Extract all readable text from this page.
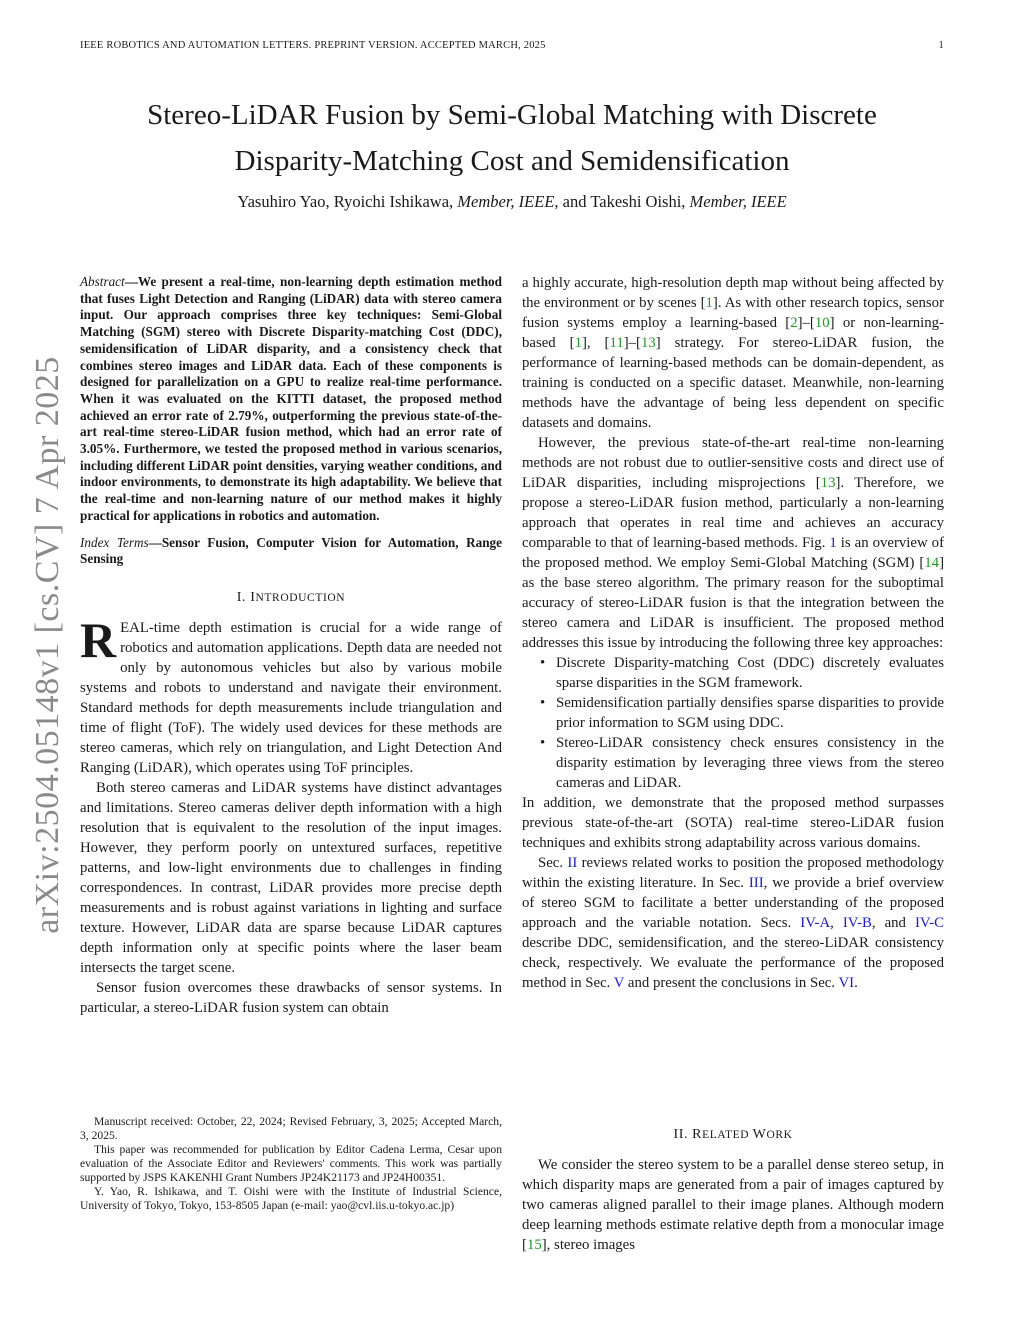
IEEE ROBOTICS AND AUTOMATION LETTERS. PREPRINT VERSION. ACCEPTED MARCH, 2025	1
arXiv:2504.05148v1 [cs.CV] 7 Apr 2025
Stereo-LiDAR Fusion by Semi-Global Matching with Discrete
Disparity-Matching Cost and Semidensification
Yasuhiro Yao, Ryoichi Ishikawa, Member, IEEE, and Takeshi Oishi, Member, IEEE
Abstract—We present a real-time, non-learning depth estimation method that fuses Light Detection and Ranging (LiDAR) data with stereo camera input. Our approach comprises three key techniques: Semi-Global Matching (SGM) stereo with Discrete Disparity-matching Cost (DDC), semidensification of LiDAR disparity, and a consistency check that combines stereo images and LiDAR data. Each of these components is designed for parallelization on a GPU to realize real-time performance. When it was evaluated on the KITTI dataset, the proposed method achieved an error rate of 2.79%, outperforming the previous state-of-the-art real-time stereo-LiDAR fusion method, which had an error rate of 3.05%. Furthermore, we tested the proposed method in various scenarios, including different LiDAR point densities, varying weather conditions, and indoor environments, to demonstrate its high adaptability. We believe that the real-time and non-learning nature of our method makes it highly practical for applications in robotics and automation.
Index Terms—Sensor Fusion, Computer Vision for Automation, Range Sensing
I. INTRODUCTION

REAL-time depth estimation is crucial for a wide range of robotics and automation applications. Depth data are needed not only by autonomous vehicles but also by various mobile systems and robots to understand and navigate their environment. Standard methods for depth measurements include triangulation and time of flight (ToF). The widely used devices for these methods are stereo cameras, which rely on triangulation, and Light Detection And Ranging (LiDAR), which operates using ToF principles.

Both stereo cameras and LiDAR systems have distinct advantages and limitations. Stereo cameras deliver depth information with a high resolution that is equivalent to the resolution of the input images. However, they perform poorly on untextured surfaces, repetitive patterns, and low-light environments due to challenges in finding correspondences. In contrast, LiDAR provides more precise depth measurements and is robust against variations in lighting and surface texture. However, LiDAR data are sparse because LiDAR captures depth information only at specific points where the laser beam intersects the target scene.

Sensor fusion overcomes these drawbacks of sensor systems. In particular, a stereo-LiDAR fusion system can obtain

Manuscript received: October, 22, 2024; Revised February, 3, 2025; Accepted March, 3, 2025.

This paper was recommended for publication by Editor Cadena Lerma, Cesar upon evaluation of the Associate Editor and Reviewers' comments. This work was partially supported by JSPS KAKENHI Grant Numbers JP24K21173 and JP24H00351.

Y. Yao, R. Ishikawa, and T. Oishi were with the Institute of Industrial Science, University of Tokyo, Tokyo, 153-8505 Japan (e-mail: yao@cvl.iis.u-tokyo.ac.jp)

a highly accurate, high-resolution depth map without being affected by the environment or by scenes [1]. As with other research topics, sensor fusion systems employ a learning-based [2]–[10] or non-learning-based [1], [11]–[13] strategy. For stereo-LiDAR fusion, the performance of learning-based methods can be domain-dependent, as training is conducted on a specific dataset. Meanwhile, non-learning methods have the advantage of being less dependent on specific datasets and domains.

However, the previous state-of-the-art real-time non-learning methods are not robust due to outlier-sensitive costs and direct use of LiDAR disparities, including misprojections [13]. Therefore, we propose a stereo-LiDAR fusion method, particularly a non-learning approach that operates in real time and achieves an accuracy comparable to that of learning-based methods. Fig. 1 is an overview of the proposed method. We employ Semi-Global Matching (SGM) [14] as the base stereo algorithm. The primary reason for the suboptimal accuracy of stereo-LiDAR fusion is that the integration between the stereo camera and LiDAR is insufficient. The proposed method addresses this issue by introducing the following three key approaches:

• Discrete Disparity-matching Cost (DDC) discretely evaluates sparse disparities in the SGM framework.
• Semidensification partially densifies sparse disparities to provide prior information to SGM using DDC.
• Stereo-LiDAR consistency check ensures consistency in the disparity estimation by leveraging three views from the stereo cameras and LiDAR.

In addition, we demonstrate that the proposed method surpasses previous state-of-the-art (SOTA) real-time stereo-LiDAR fusion techniques and exhibits strong adaptability across various domains.

Sec. II reviews related works to position the proposed methodology within the existing literature. In Sec. III, we provide a brief overview of stereo SGM to facilitate a better understanding of the proposed approach and the variable notation. Secs. IV-A, IV-B, and IV-C describe DDC, semidensification, and the stereo-LiDAR consistency check, respectively. We evaluate the performance of the proposed method in Sec. V and present the conclusions in Sec. VI.

II. RELATED WORK

We consider the stereo system to be a parallel dense stereo setup, in which disparity maps are generated from a pair of images captured by two cameras aligned parallel to their image planes. Although modern deep learning methods estimate relative depth from a monocular image [15], stereo images
